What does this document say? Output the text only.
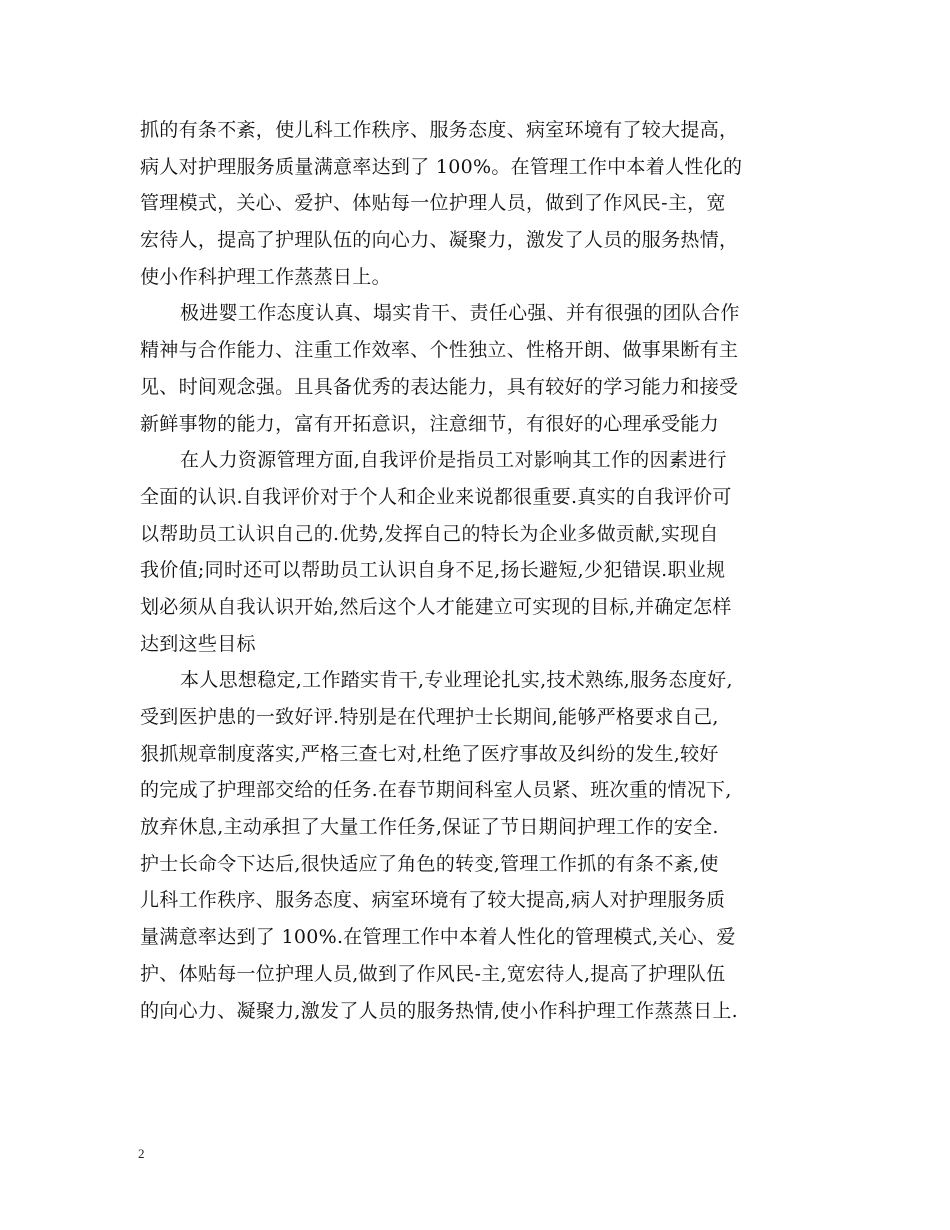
抓的有条不紊，使儿科工作秩序、服务态度、病室环境有了较大提高，
病人对护理服务质量满意率达到了 100%。在管理工作中本着人性化的
管理模式，关心、爱护、体贴每一位护理人员，做到了作风民-主，宽
宏待人，提高了护理队伍的向心力、凝聚力，激发了人员的服务热情，
使小作科护理工作蒸蒸日上。
极进婴工作态度认真、塌实肯干、责任心强、并有很强的团队合作
精神与合作能力、注重工作效率、个性独立、性格开朗、做事果断有主
见、时间观念强。且具备优秀的表达能力，具有较好的学习能力和接受
新鲜事物的能力，富有开拓意识，注意细节，有很好的心理承受能力
在人力资源管理方面,自我评价是指员工对影响其工作的因素进行
全面的认识.自我评价对于个人和企业来说都很重要.真实的自我评价可
以帮助员工认识自己的.优势,发挥自己的特长为企业多做贡献,实现自
我价值;同时还可以帮助员工认识自身不足,扬长避短,少犯错误.职业规
划必须从自我认识开始,然后这个人才能建立可实现的目标,并确定怎样
达到这些目标
本人思想稳定,工作踏实肯干,专业理论扎实,技术熟练,服务态度好,
受到医护患的一致好评.特别是在代理护士长期间,能够严格要求自己,
狠抓规章制度落实,严格三查七对,杜绝了医疗事故及纠纷的发生,较好
的完成了护理部交给的任务.在春节期间科室人员紧、班次重的情况下,
放弃休息,主动承担了大量工作任务,保证了节日期间护理工作的安全.
护士长命令下达后,很快适应了角色的转变,管理工作抓的有条不紊,使
儿科工作秩序、服务态度、病室环境有了较大提高,病人对护理服务质
量满意率达到了 100%.在管理工作中本着人性化的管理模式,关心、爱
护、体贴每一位护理人员,做到了作风民-主,宽宏待人,提高了护理队伍
的向心力、凝聚力,激发了人员的服务热情,使小作科护理工作蒸蒸日上.
2
